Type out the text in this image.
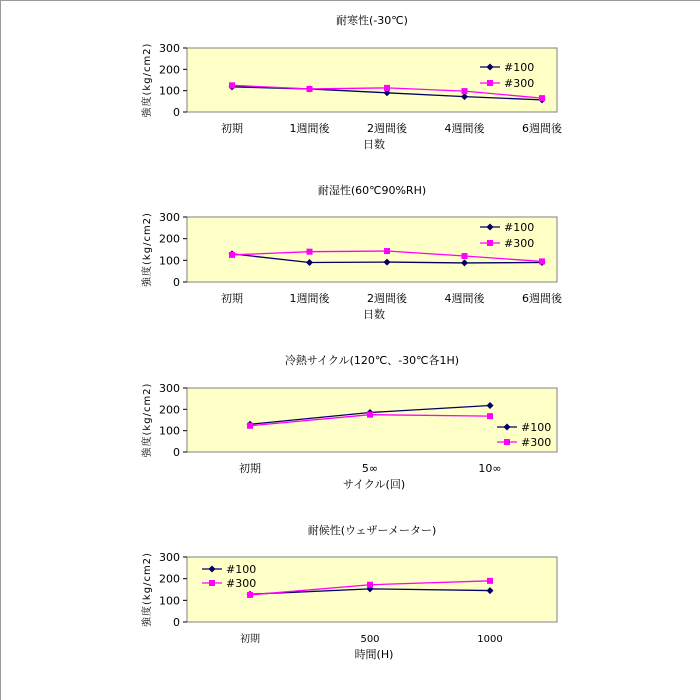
耐寒性(-30℃)
0
100
200
300
強度(kg/cm2)
初期	1週間後	2週間後	4週間後	6週間後
日数
#100
#300
耐湿性(60℃90%RH)
0
100
200
300
強度(kg/cm2)
初期	1週間後	2週間後	4週間後	6週間後
日数
#100
#300
冷熱サイクル(120℃、-30℃各1H)
0
100
200
300
強度(kg/cm2)
初期	5∞	10∞
サイクル(回)
#100
#300
耐候性(ウェザーメーター)
0
100
200
300
強度(kg/cm2)
初期	500	1000
時間(H)
#100
#300
